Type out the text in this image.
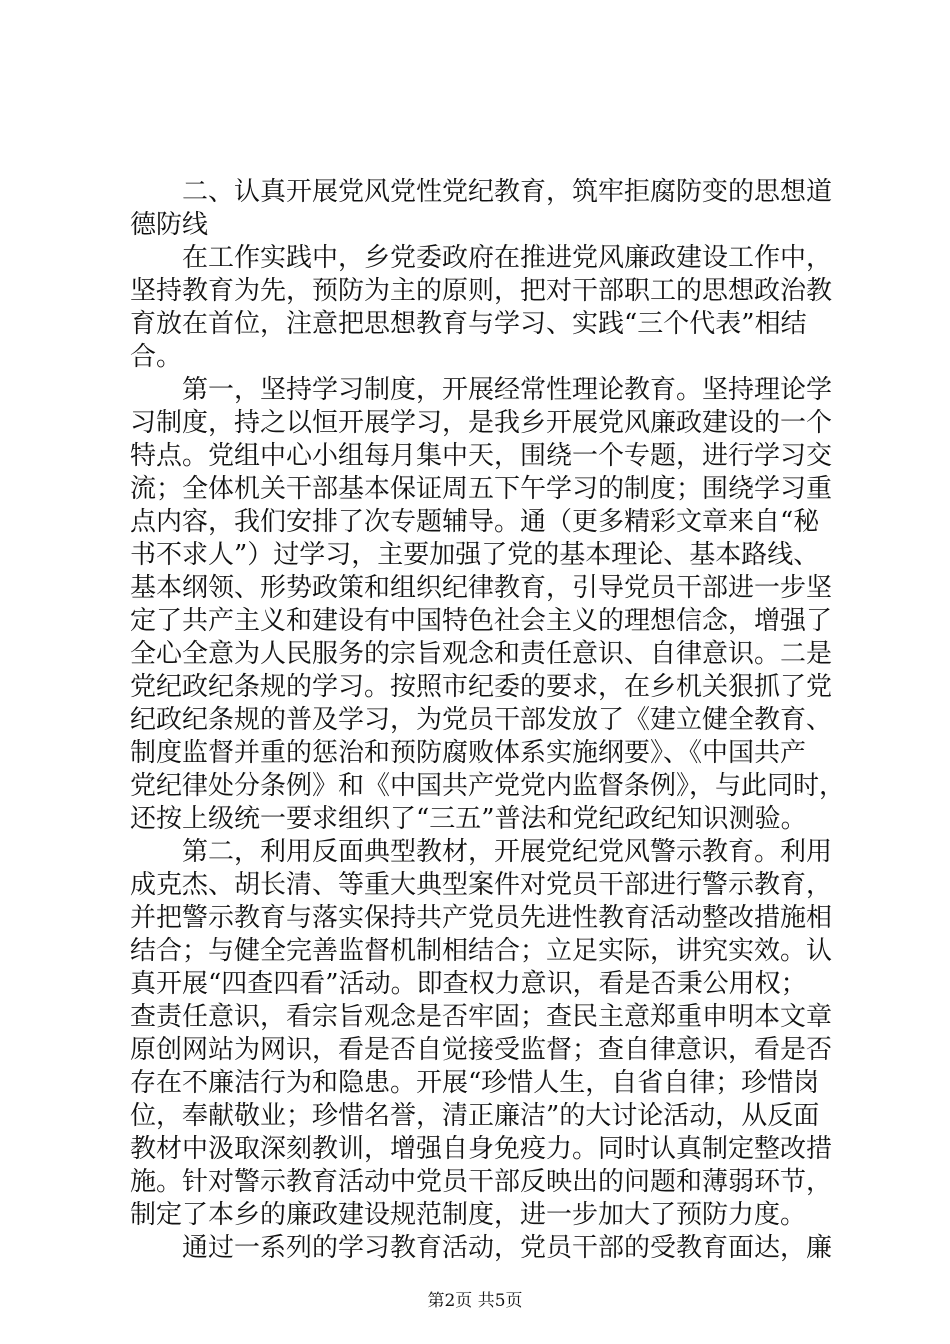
二、认真开展党风党性党纪教育，筑牢拒腐防变的思想道
德防线
在工作实践中，乡党委政府在推进党风廉政建设工作中，
坚持教育为先，预防为主的原则，把对干部职工的思想政治教
育放在首位，注意把思想教育与学习、实践“三个代表”相结
合。
第一，坚持学习制度，开展经常性理论教育。坚持理论学
习制度，持之以恒开展学习，是我乡开展党风廉政建设的一个
特点。党组中心小组每月集中天，围绕一个专题，进行学习交
流；全体机关干部基本保证周五下午学习的制度；围绕学习重
点内容，我们安排了次专题辅导。通（更多精彩文章来自“秘
书不求人”）过学习，主要加强了党的基本理论、基本路线、
基本纲领、形势政策和组织纪律教育，引导党员干部进一步坚
定了共产主义和建设有中国特色社会主义的理想信念，增强了
全心全意为人民服务的宗旨观念和责任意识、自律意识。二是
党纪政纪条规的学习。按照市纪委的要求，在乡机关狠抓了党
纪政纪条规的普及学习，为党员干部发放了《建立健全教育、
制度监督并重的惩治和预防腐败体系实施纲要》、《中国共产
党纪律处分条例》和《中国共产党党内监督条例》，与此同时，
还按上级统一要求组织了“三五”普法和党纪政纪知识测验。
第二，利用反面典型教材，开展党纪党风警示教育。利用
成克杰、胡长清、等重大典型案件对党员干部进行警示教育，
并把警示教育与落实保持共产党员先进性教育活动整改措施相
结合；与健全完善监督机制相结合；立足实际，讲究实效。认
真开展“四查四看”活动。即查权力意识，看是否秉公用权；
查责任意识，看宗旨观念是否牢固；查民主意郑重申明本文章
原创网站为网识，看是否自觉接受监督；查自律意识，看是否
存在不廉洁行为和隐患。开展“珍惜人生，自省自律；珍惜岗
位，奉献敬业；珍惜名誉，清正廉洁”的大讨论活动，从反面
教材中汲取深刻教训，增强自身免疫力。同时认真制定整改措
施。针对警示教育活动中党员干部反映出的问题和薄弱环节，
制定了本乡的廉政建设规范制度，进一步加大了预防力度。
通过一系列的学习教育活动，党员干部的受教育面达，廉
第2页 共5页
